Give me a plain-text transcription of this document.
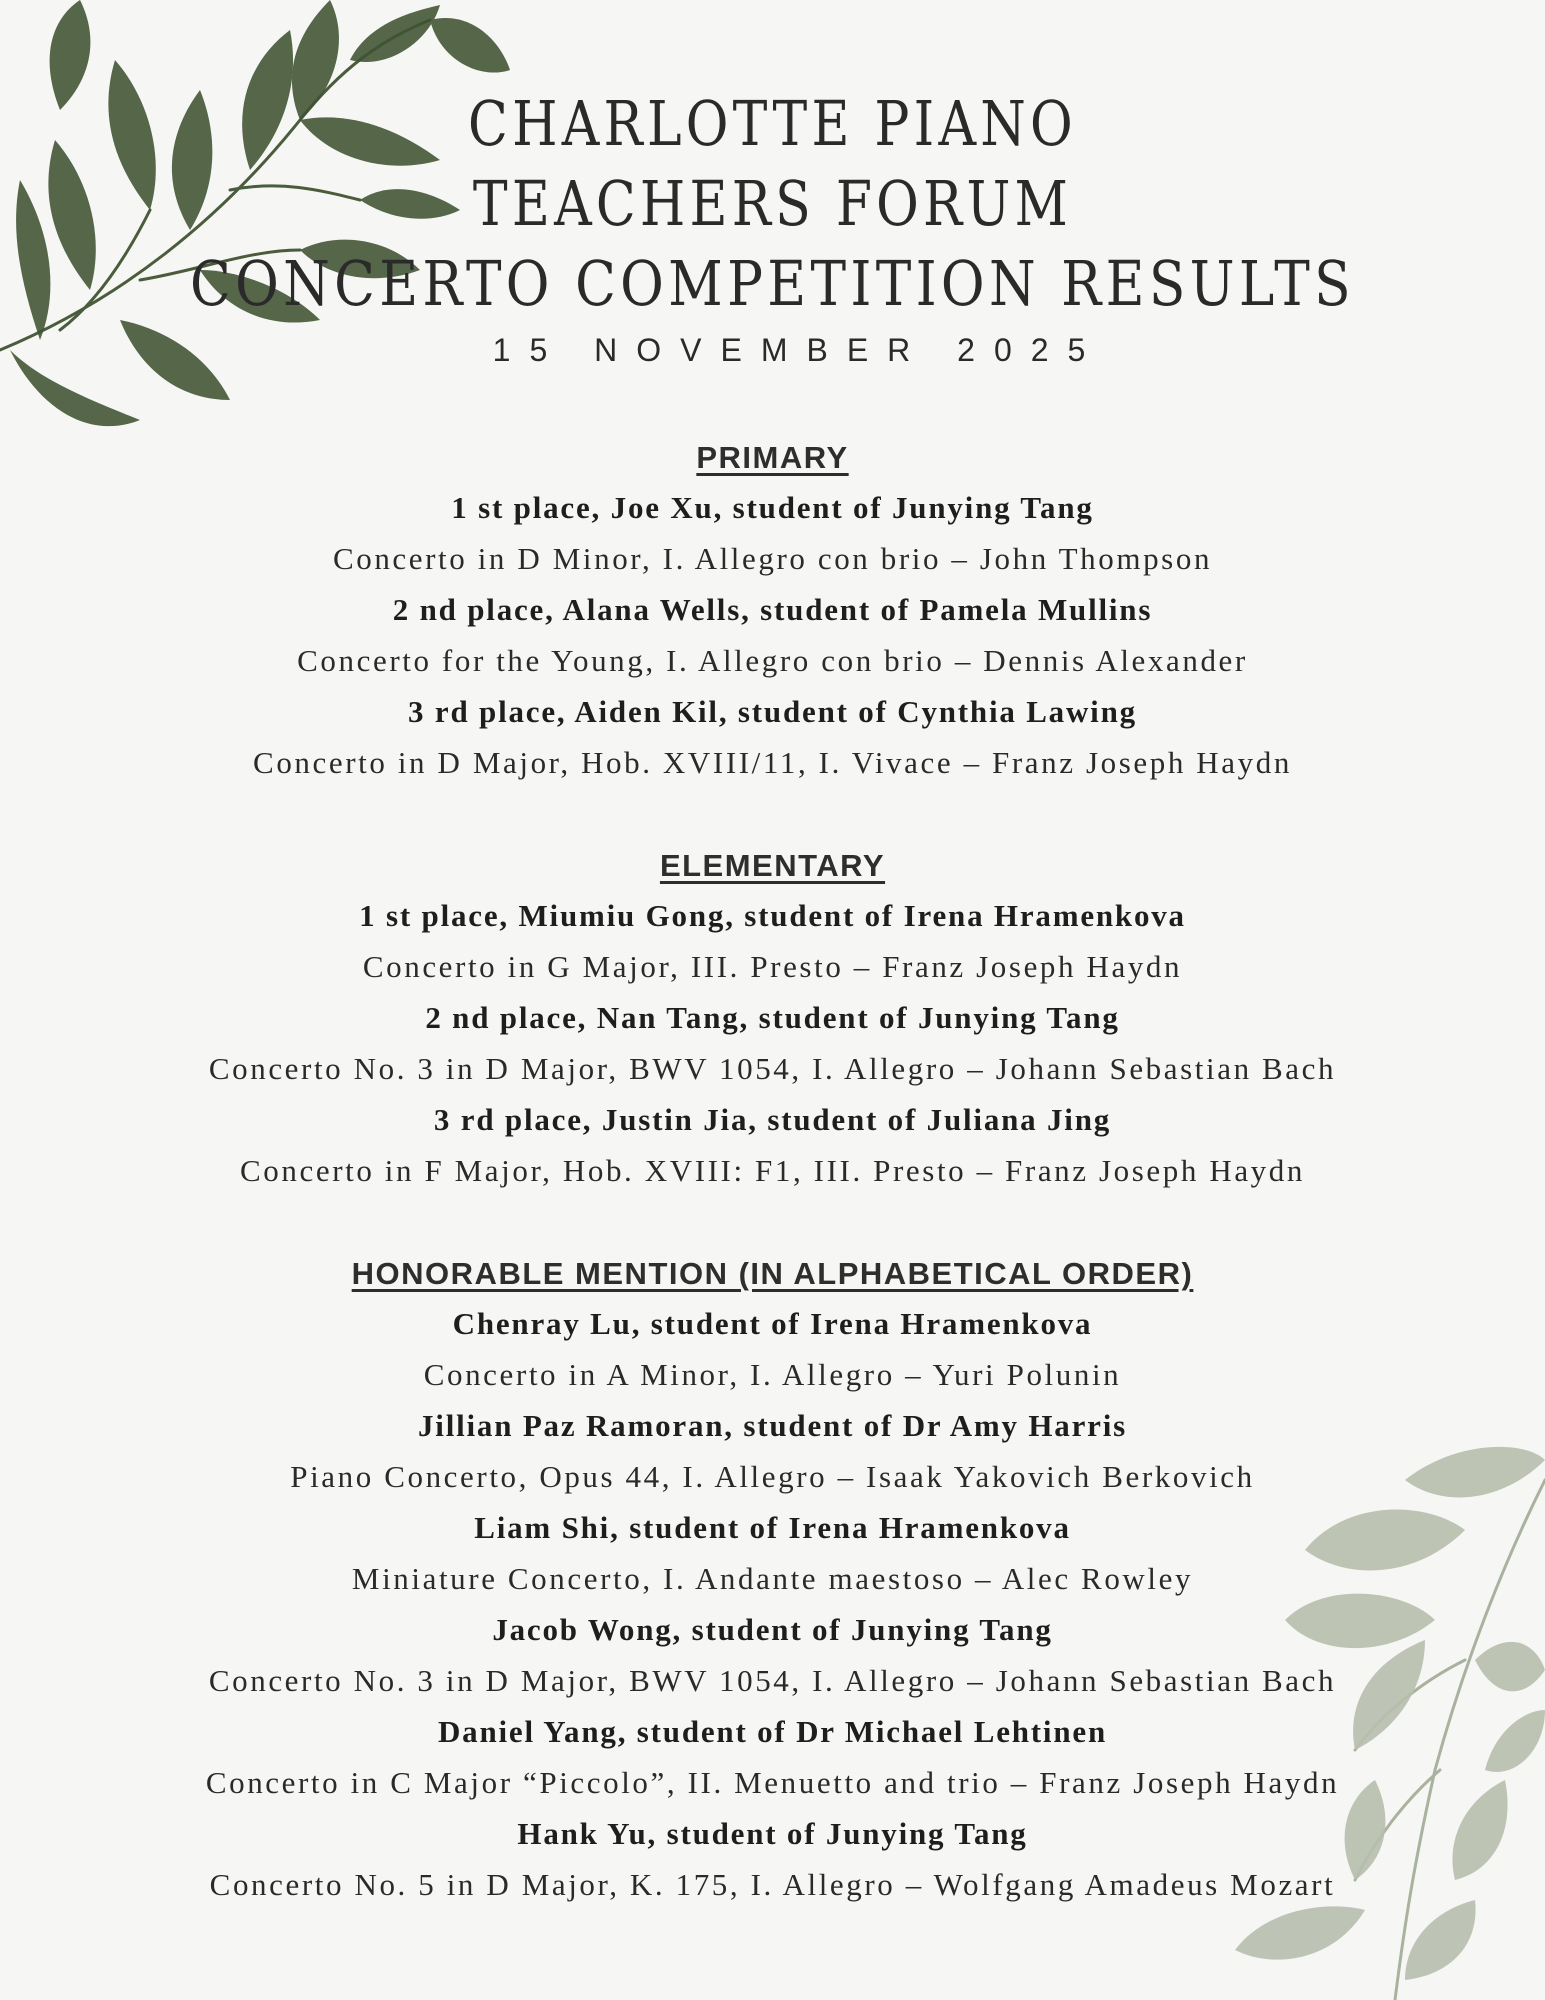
CHARLOTTE PIANO
TEACHERS FORUM
CONCERTO COMPETITION RESULTS
15 NOVEMBER 2025
PRIMARY
1 st place, Joe Xu, student of Junying Tang
Concerto in D Minor, I. Allegro con brio – John Thompson
2 nd place, Alana Wells, student of Pamela Mullins
Concerto for the Young, I. Allegro con brio – Dennis Alexander
3 rd place, Aiden Kil, student of Cynthia Lawing
Concerto in D Major, Hob. XVIII/11, I. Vivace – Franz Joseph Haydn
ELEMENTARY
1 st place, Miumiu Gong, student of Irena Hramenkova
Concerto in G Major, III. Presto – Franz Joseph Haydn
2 nd place, Nan Tang, student of Junying Tang
Concerto No. 3 in D Major, BWV 1054, I. Allegro – Johann Sebastian Bach
3 rd place, Justin Jia, student of Juliana Jing
Concerto in F Major, Hob. XVIII: F1, III. Presto – Franz Joseph Haydn
HONORABLE MENTION (IN ALPHABETICAL ORDER)
Chenray Lu, student of Irena Hramenkova
Concerto in A Minor, I. Allegro – Yuri Polunin
Jillian Paz Ramoran, student of Dr Amy Harris
Piano Concerto, Opus 44, I. Allegro – Isaak Yakovich Berkovich
Liam Shi, student of Irena Hramenkova
Miniature Concerto, I. Andante maestoso – Alec Rowley
Jacob Wong, student of Junying Tang
Concerto No. 3 in D Major, BWV 1054, I. Allegro – Johann Sebastian Bach
Daniel Yang, student of Dr Michael Lehtinen
Concerto in C Major “Piccolo”, II. Menuetto and trio – Franz Joseph Haydn
Hank Yu, student of Junying Tang
Concerto No. 5 in D Major, K. 175, I. Allegro – Wolfgang Amadeus Mozart
